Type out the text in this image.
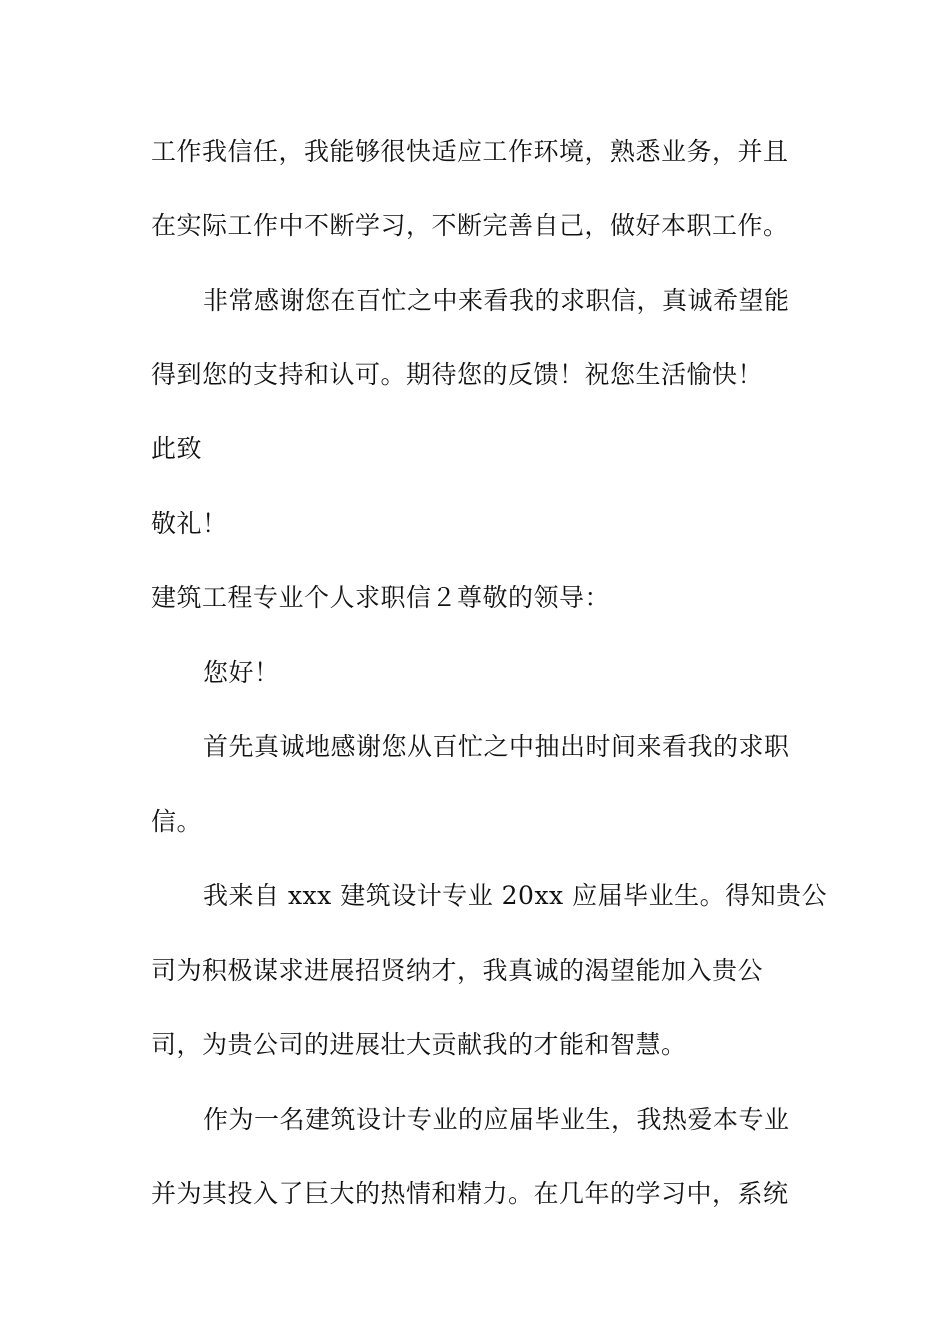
工作我信任，我能够很快适应工作环境，熟悉业务，并且
在实际工作中不断学习，不断完善自己，做好本职工作。
非常感谢您在百忙之中来看我的求职信，真诚希望能
得到您的支持和认可。期待您的反馈！祝您生活愉快！
此致
敬礼！
建筑工程专业个人求职信２尊敬的领导：
您好！
首先真诚地感谢您从百忙之中抽出时间来看我的求职
信。
我来自 xxx 建筑设计专业 20xx 应届毕业生。得知贵公
司为积极谋求进展招贤纳才，我真诚的渴望能加入贵公
司，为贵公司的进展壮大贡献我的才能和智慧。
作为一名建筑设计专业的应届毕业生，我热爱本专业
并为其投入了巨大的热情和精力。在几年的学习中，系统
